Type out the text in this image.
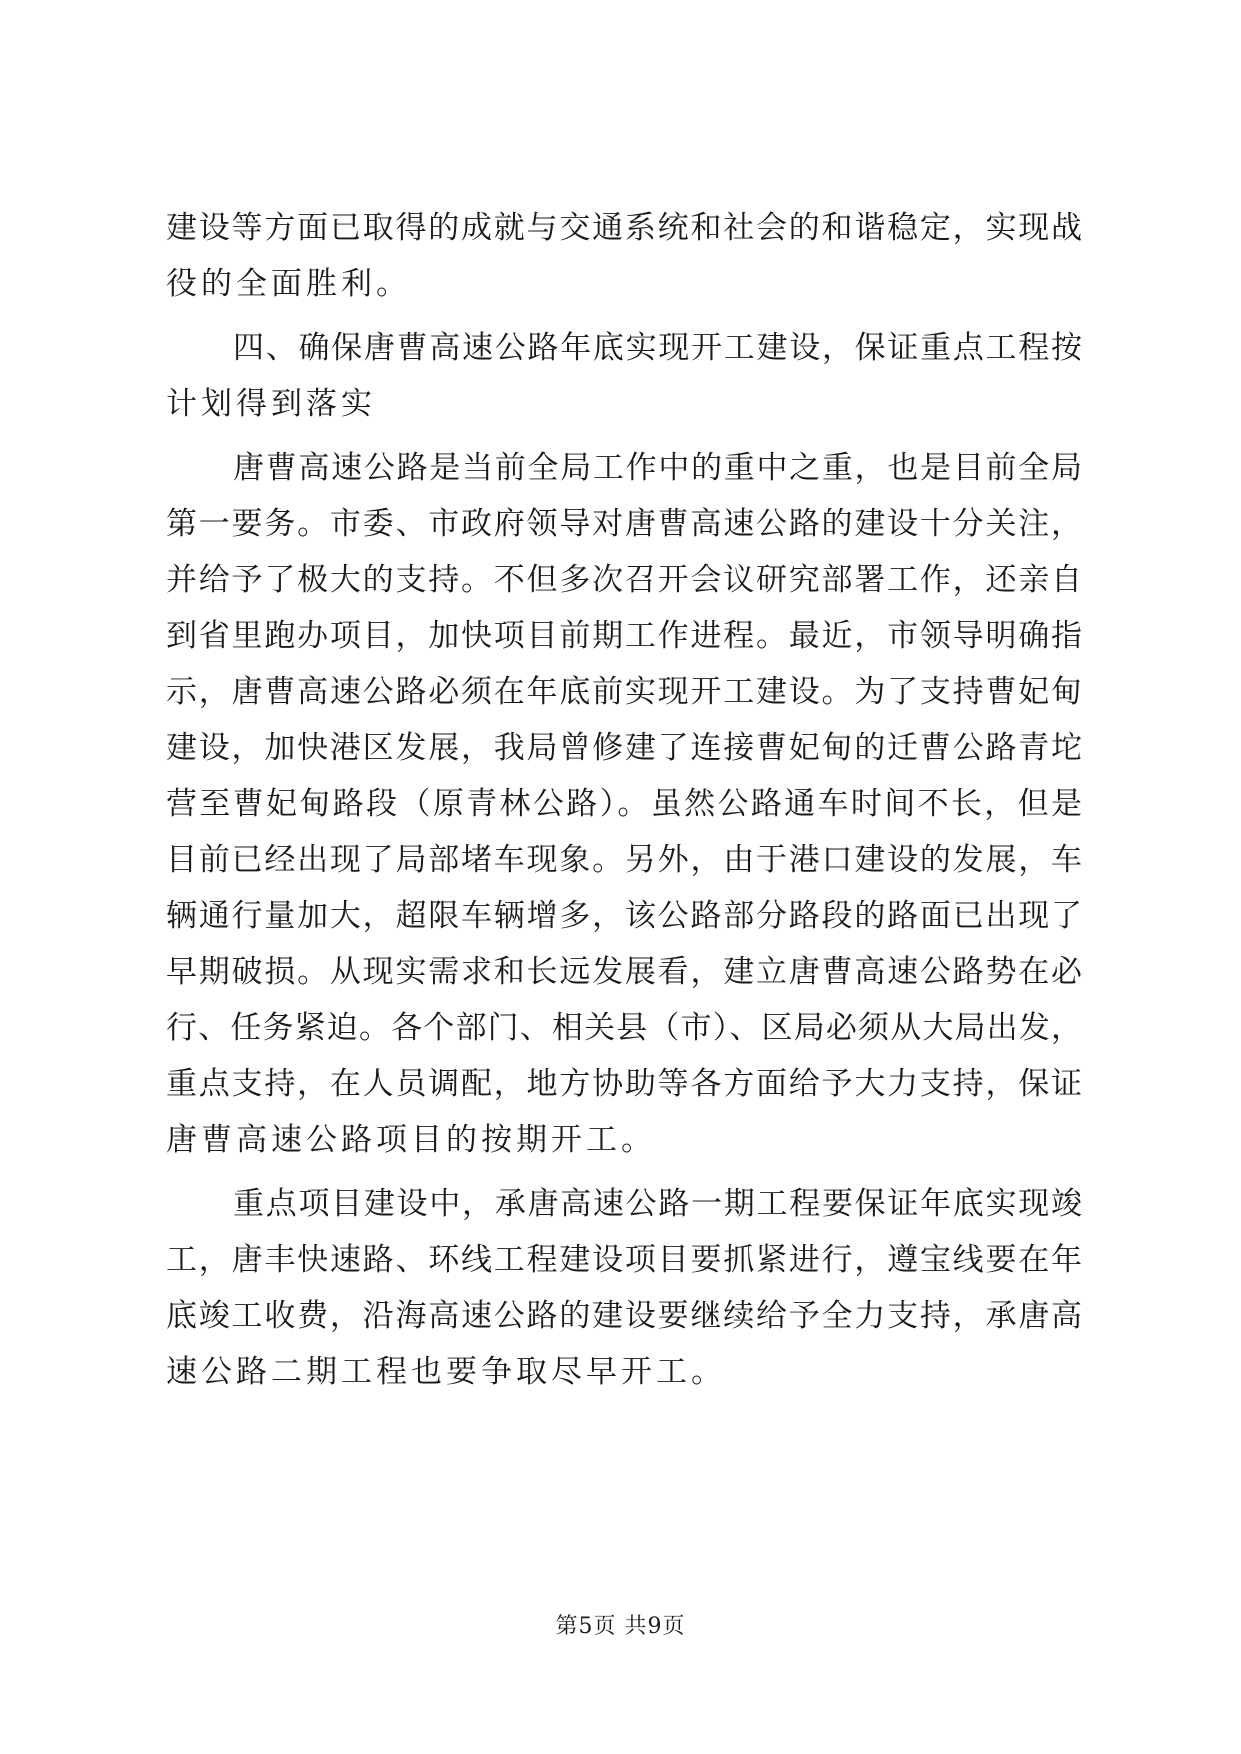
建设等方面已取得的成就与交通系统和社会的和谐稳定，实现战
役的全面胜利。
四、确保唐曹高速公路年底实现开工建设，保证重点工程按
计划得到落实
唐曹高速公路是当前全局工作中的重中之重，也是目前全局
第一要务。市委、市政府领导对唐曹高速公路的建设十分关注，
并给予了极大的支持。不但多次召开会议研究部署工作，还亲自
到省里跑办项目，加快项目前期工作进程。最近，市领导明确指
示，唐曹高速公路必须在年底前实现开工建设。为了支持曹妃甸
建设，加快港区发展，我局曾修建了连接曹妃甸的迁曹公路青坨
营至曹妃甸路段（原青林公路）。虽然公路通车时间不长，但是
目前已经出现了局部堵车现象。另外，由于港口建设的发展，车
辆通行量加大，超限车辆增多，该公路部分路段的路面已出现了
早期破损。从现实需求和长远发展看，建立唐曹高速公路势在必
行、任务紧迫。各个部门、相关县（市）、区局必须从大局出发，
重点支持，在人员调配，地方协助等各方面给予大力支持，保证
唐曹高速公路项目的按期开工。
重点项目建设中，承唐高速公路一期工程要保证年底实现竣
工，唐丰快速路、环线工程建设项目要抓紧进行，遵宝线要在年
底竣工收费，沿海高速公路的建设要继续给予全力支持，承唐高
速公路二期工程也要争取尽早开工。
第5页 共9页
